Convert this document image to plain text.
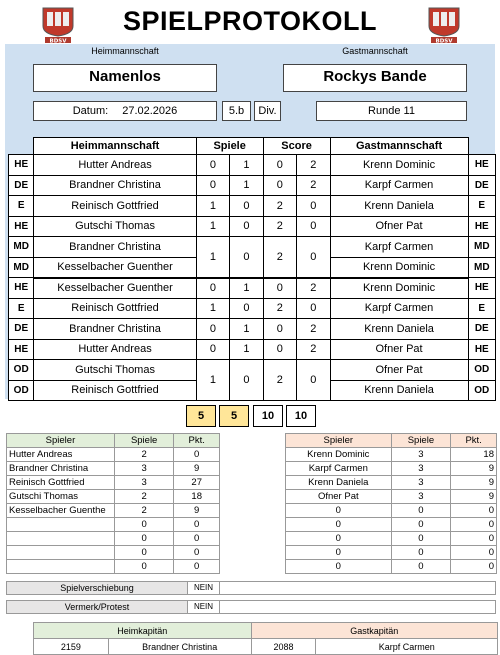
BDSV	BDSV
SPIELPROTOKOLL
Heimmannschaft	Gastmannschaft
Namenlos	Rockys Bande
Datum: 27.02.2026	5.b	Div.	Runde 11
	Heimmannschaft	Spiele		Score		Gastmannschaft	
HE	Hutter Andreas	0	1	0	2	Krenn Dominic	HE
DE	Brandner Christina	0	1	0	2	Karpf Carmen	DE
E	Reinisch Gottfried	1	0	2	0	Krenn Daniela	E
HE	Gutschi Thomas	1	0	2	0	Ofner Pat	HE
MD	Brandner Christina	1	0	2	0	Karpf Carmen	MD
MD	Kesselbacher Guenther					Krenn Dominic	MD
HE	Kesselbacher Guenther	0	1	0	2	Krenn Dominic	HE
E	Reinisch Gottfried	1	0	2	0	Karpf Carmen	E
DE	Brandner Christina	0	1	0	2	Krenn Daniela	DE
HE	Hutter Andreas	0	1	0	2	Ofner Pat	HE
OD	Gutschi Thomas	1	0	2	0	Ofner Pat	OD
OD	Reinisch Gottfried					Krenn Daniela	OD
5	5	10	10
Spieler	Spiele	Pkt.
Hutter Andreas	2	0
Brandner Christina	3	9
Reinisch Gottfried	3	27
Gutschi Thomas	2	18
Kesselbacher Guenthe	2	9
	0	0
	0	0
	0	0
	0	0
Spieler	Spiele	Pkt.
Krenn Dominic	3	18
Karpf Carmen	3	9
Krenn Daniela	3	9
Ofner Pat	3	9
0	0	0
0	0	0
0	0	0
0	0	0
0	0	0
Spielverschiebung	NEIN
Vermerk/Protest	NEIN
Heimkapitän		Gastkapitän	
2159	Brandner Christina	2088	Karpf Carmen
